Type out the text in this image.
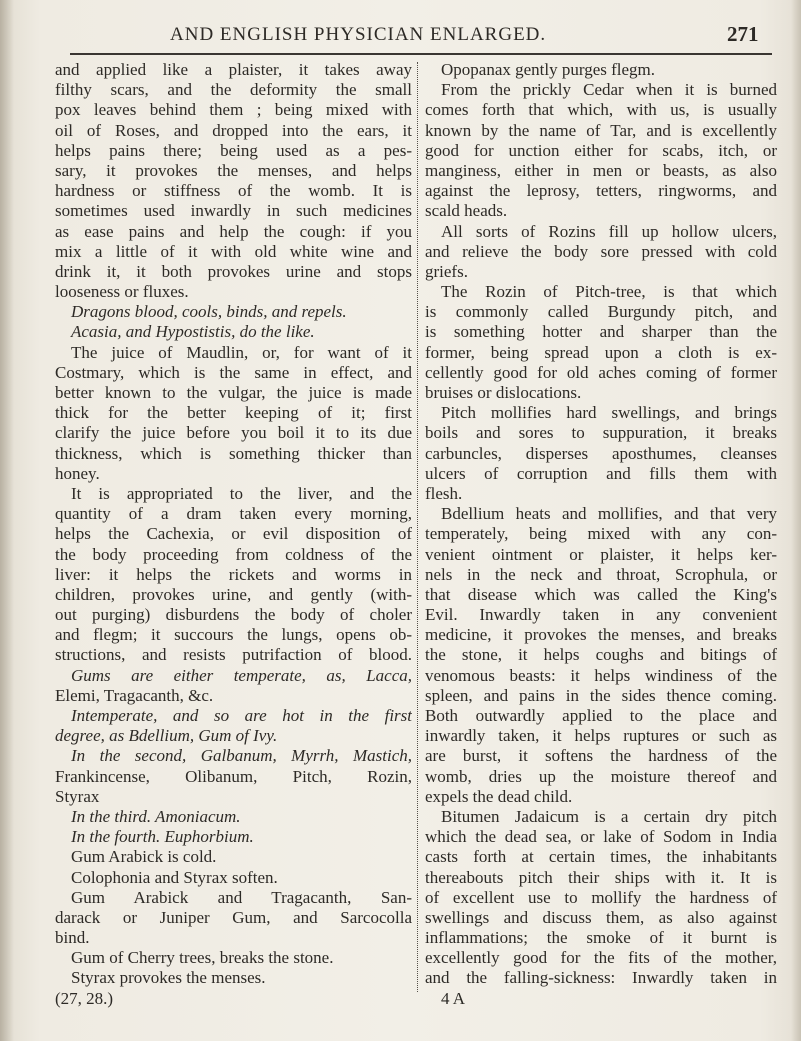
AND ENGLISH PHYSICIAN ENLARGED.	271
and applied like a plaister, it takes away
filthy scars, and the deformity the small
pox leaves behind them ; being mixed with
oil of Roses, and dropped into the ears, it
helps pains there; being used as a pes-
sary, it provokes the menses, and helps
hardness or stiffness of the womb. It is
sometimes used inwardly in such medicines
as ease pains and help the cough: if you
mix a little of it with old white wine and
drink it, it both provokes urine and stops
looseness or fluxes.
Dragons blood, cools, binds, and repels.
Acasia, and Hypostistis, do the like.
The juice of Maudlin, or, for want of it
Costmary, which is the same in effect, and
better known to the vulgar, the juice is made
thick for the better keeping of it; first
clarify the juice before you boil it to its due
thickness, which is something thicker than
honey.
It is appropriated to the liver, and the
quantity of a dram taken every morning,
helps the Cachexia, or evil disposition of
the body proceeding from coldness of the
liver: it helps the rickets and worms in
children, provokes urine, and gently (with-
out purging) disburdens the body of choler
and flegm; it succours the lungs, opens ob-
structions, and resists putrifaction of blood.
Gums are either temperate, as, Lacca,
Elemi, Tragacanth, &c.
Intemperate, and so are hot in the first
degree, as Bdellium, Gum of Ivy.
In the second, Galbanum, Myrrh, Mastich,
Frankincense, Olibanum, Pitch, Rozin,
Styrax
In the third. Amoniacum.
In the fourth. Euphorbium.
Gum Arabick is cold.
Colophonia and Styrax soften.
Gum Arabick and Tragacanth, San-
darack or Juniper Gum, and Sarcocolla
bind.
Gum of Cherry trees, breaks the stone.
Styrax provokes the menses.
(27, 28.)
Opopanax gently purges flegm.
From the prickly Cedar when it is burned
comes forth that which, with us, is usually
known by the name of Tar, and is excellently
good for unction either for scabs, itch, or
manginess, either in men or beasts, as also
against the leprosy, tetters, ringworms, and
scald heads.
All sorts of Rozins fill up hollow ulcers,
and relieve the body sore pressed with cold
griefs.
The Rozin of Pitch-tree, is that which
is commonly called Burgundy pitch, and
is something hotter and sharper than the
former, being spread upon a cloth is ex-
cellently good for old aches coming of former
bruises or dislocations.
Pitch mollifies hard swellings, and brings
boils and sores to suppuration, it breaks
carbuncles, disperses aposthumes, cleanses
ulcers of corruption and fills them with
flesh.
Bdellium heats and mollifies, and that very
temperately, being mixed with any con-
venient ointment or plaister, it helps ker-
nels in the neck and throat, Scrophula, or
that disease which was called the King's
Evil. Inwardly taken in any convenient
medicine, it provokes the menses, and breaks
the stone, it helps coughs and bitings of
venomous beasts: it helps windiness of the
spleen, and pains in the sides thence coming.
Both outwardly applied to the place and
inwardly taken, it helps ruptures or such as
are burst, it softens the hardness of the
womb, dries up the moisture thereof and
expels the dead child.
Bitumen Jadaicum is a certain dry pitch
which the dead sea, or lake of Sodom in India
casts forth at certain times, the inhabitants
thereabouts pitch their ships with it. It is
of excellent use to mollify the hardness of
swellings and discuss them, as also against
inflammations; the smoke of it burnt is
excellently good for the fits of the mother,
and the falling-sickness: Inwardly taken in
4 A
